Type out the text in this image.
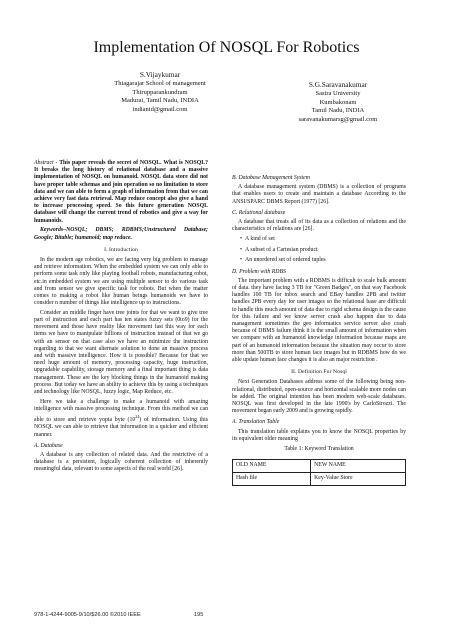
Implementation Of NOSQL For Robotics
S.Vijaykumar
Thiagarajar School of management
Thirupparankundram
Madurai, Tamil Nadu, INDIA
indianid@gmail.com
S.G.Saravanakumar
Sastra University
Kumbakonam
Tamil Nadu, INDIA
saravanakumarsg@gmail.com

Abstract - This paper reveals the secret of NOSQL. What is NOSQL? It breaks the long history of relational database and a massive implementation of NOSQL on humanoid. NOSQL data store did not have proper table schemas and join operation so no limitation to store data and we can able to form a graph of information from that we can achieve very fast data retrieval. Map reduce concept also give a hand to increase processing speed. So this future generation NOSQL database will change the current trend of robotics and give a way for humanoids.

Keywords–NOSQL; DBMS; RDBMS;Unstructured Database; Google; Bitable; humanoid; map reduce.

I. Introduction

In the modern age robotics, we are facing very big problem to manage and retrieve information. When the embedded system we can only able to perform some task only like playing football robots, manufacturing robot, etc.in embedded system we are using multiple sensor to do various task and from sensor we give specific task for robots. But when the matter comes to making a robot like human beings humanoids we have to consider n number of things like intelligence up to instructions.

Consider an middle finger have tree joints for that we want to give tree part of instruction and each part has ten states fuzzy sets (0to9) for the movement and those have reality like movement fast this way for each items we have to manipulate billions of instruction instead of that we go with an sensor on that case also we have an minimize the instruction regarding to that we want alternate solution to done an massive process and with massive intelligence. How it is possible? Because for that we need huge amount of memory, processing capacity, huge instruction, upgradable capability, storage memory and a final important thing is data management. These are the key blocking things in the humanoid making process. But today we have an ability to achieve this by using a techniques and technology like NOSQL, fuzzy logic, Map Reduce, etc.

Here we take a challenge to make a humanoid with amazing intelligence with massive processing technique. From this method we can able to store and retrieve yopta byte $(10^{24})$ of information. Using this NOSQL we can able to retrieve that information in a quicker and efficient manner.

A. Database

A database is any collection of related data. And the restrictive of a database is a persistent, logically coherent collection of inherently meaningful data, relevant to some aspects of the real world [26].

B. Database Management System

A database management system (DBMS) is a collection of programs that enables users to create and maintain a database According to the ANSI/SPARC DBMS Report (1977) [26].

C. Relational database

A database that treats all of its data as a collection of relations and the characteristics of relations are [26].

• A kind of set
• A subset of a Cartesian product
• An unordered set of ordered tuples
D. Problem with RDBS

The important problem with a RDBMS is difficult to scale bulk amount of data. they have facing 3 TB for "Green Badges", on that way Facebook handles 100 TB for inbox search and EBay handles 2PB and twitter handles 2PB every day for user images so the relational base are difficult to handle this much amount of data due to rigid schema design is the cause for this failure and we know server crash also happen due to data management sometimes the geo informatics service server also crash because of DBMS failure think it is the small amount of information when we compare with an humanoid knowledge information because maps are part of an humanoid information because the situation may occur to store more than 500TB to store human face images but in RDBMS how do we able update human face changes it is also an major restriction .

II. Definition For Nosql

Next Generation Databases address some of the following being non-relational, distributed, open-source and horizontal scalable more nodes can be added. The original intention has been modern web-scale databases. NOSQL was first developed in the late 1990's by CarloStrozzi. The movement began early 2009 and is growing rapidly.

A. Translation Table

This translation table explains you to know the NOSQL properties by its equivalent older meaning

Table 1: Keyword Translation
OLD NAME	NEW NAME
Hash file	Key-Value Store
978-1-4244-9005-9/10/$26.00 ©2010 IEEE	195
